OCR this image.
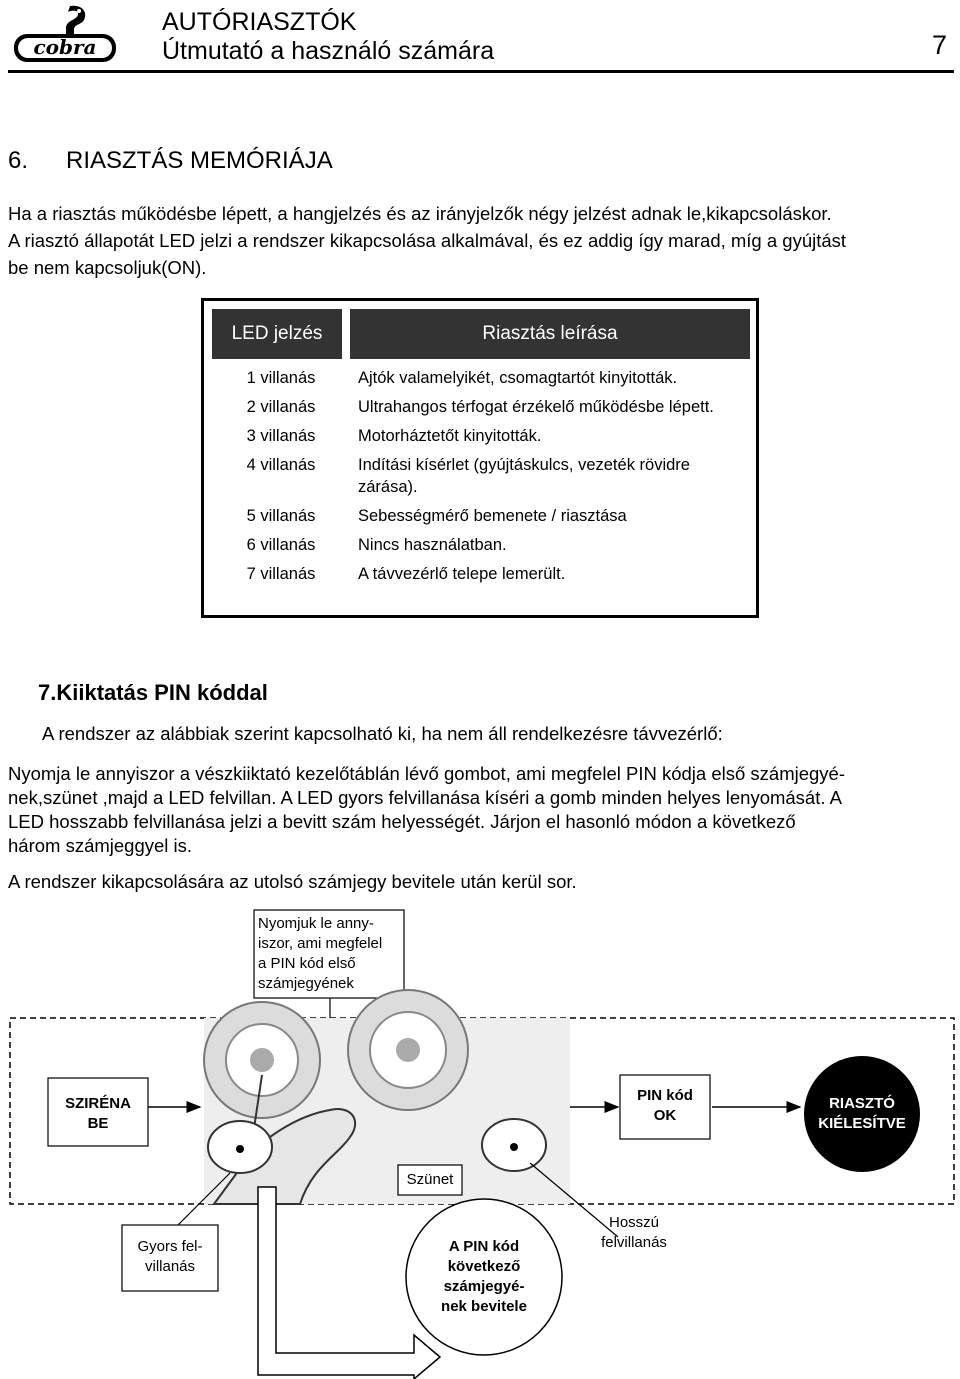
cobra
AUTÓRIASZTÓK
Útmutató a használó számára	7
6. RIASZTÁS MEMÓRIÁJA
Ha a riasztás működésbe lépett, a hangjelzés és az irányjelzők négy jelzést adnak le,kikapcsoláskor.
A riasztó állapotát LED jelzi a rendszer kikapcsolása alkalmával, és ez addig így marad, míg a gyújtást
be nem kapcsoljuk(ON).
LED jelzés	Riasztás leírása
1 villanás	Ajtók valamelyikét, csomagtartót kinyitották.
2 villanás	Ultrahangos térfogat érzékelő működésbe lépett.
3 villanás	Motorháztetőt kinyitották.
4 villanás	Indítási kísérlet (gyújtáskulcs, vezeték rövidre zárása).
5 villanás	Sebességmérő bemenete / riasztása
6 villanás	Nincs használatban.
7 villanás	A távvezérlő telepe lemerült.
7.Kiiktatás PIN kóddal
A rendszer az alábbiak szerint kapcsolható ki, ha nem áll rendelkezésre távvezérlő:
Nyomja le annyiszor a vészkiiktató kezelőtáblán lévő gombot, ami megfelel PIN kódja első számjegyé-
nek,szünet ,majd a LED felvillan. A LED gyors felvillanása kíséri a gomb minden helyes lenyomását. A
LED hosszabb felvillanása jelzi a bevitt szám helyességét. Járjon el hasonló módon a következő
három számjeggyel is.
A rendszer kikapcsolására az utolsó számjegy bevitele után kerül sor.
Nyomjuk le anny-
iszor, ami megfelel
a PIN kód első
számjegyének
SZIRÉNA
BE
PIN kód
OK
RIASZTÓ
KIÉLESÍTVE
Szünet
Gyors fel-
villanás
Hosszú
felvillanás
A PIN kód
következő
számjegyé-
nek bevitele
